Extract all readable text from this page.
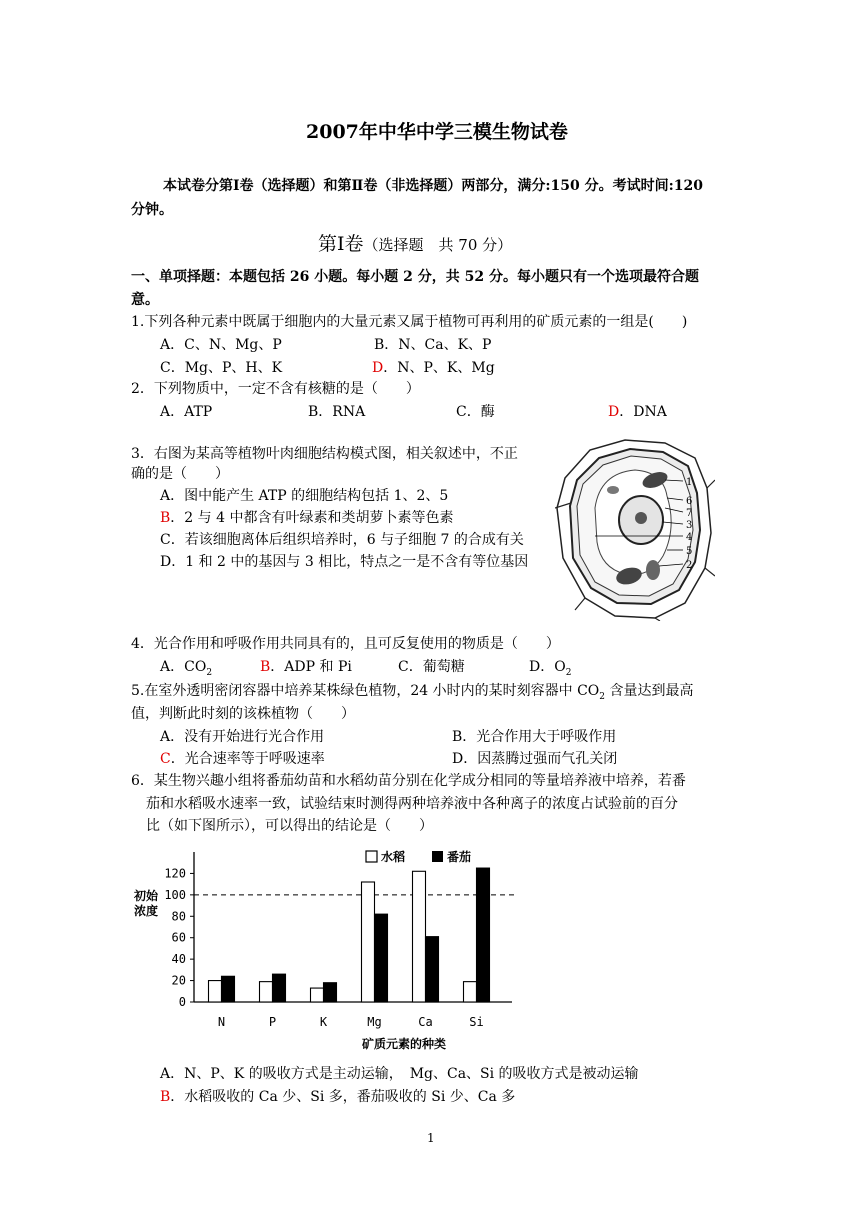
2007年中华中学三模生物试卷
本试卷分第Ⅰ卷（选择题）和第Ⅱ卷（非选择题）两部分，满分:150 分。考试时间:120
分钟。
第Ⅰ卷（选择题　共 70 分）
一、单项择题：本题包括 26 小题。每小题 2 分，共 52 分。每小题只有一个选项最符合题
意。
1.下列各种元素中既属于细胞内的大量元素又属于植物可再利用的矿质元素的一组是(　　)
A．C、N、Mg、P	B．N、Ca、K、P
C．Mg、P、H、K	D．N、P、K、Mg
2．下列物质中，一定不含有核糖的是（　　）
A．ATP	B．RNA	C．酶	D．DNA
3．右图为某高等植物叶肉细胞结构模式图，相关叙述中，不正
确的是（　　）
A．图中能产生 ATP 的细胞结构包括 1、2、5
B．2 与 4 中都含有叶绿素和类胡萝卜素等色素
C．若该细胞离体后组织培养时，6 与子细胞 7 的合成有关
D．1 和 2 中的基因与 3 相比，特点之一是不含有等位基因
1
6
7
3
4
5
2
4．光合作用和呼吸作用共同具有的，且可反复使用的物质是（　　）
A．$CO_2$	B．ADP 和 Pi	C．葡萄糖	D．$O_2$
5.在室外透明密闭容器中培养某株绿色植物，24 小时内的某时刻容器中 $CO_2$ 含量达到最高
值，判断此时刻的该株植物（　　）
A．没有开始进行光合作用	B．光合作用大于呼吸作用
C．光合速率等于呼吸速率	D．因蒸腾过强而气孔关闭
6．某生物兴趣小组将番茄幼苗和水稻幼苗分别在化学成分相同的等量培养液中培养，若番
茄和水稻吸水速率一致，试验结束时测得两种培养液中各种离子的浓度占试验前的百分
比（如下图所示），可以得出的结论是（　　）
0
20
40
60
80
100
120
N	P	K	Mg	Ca	Si
水稻	番茄
初始
浓度
矿质元素的种类
A．N、P、K 的吸收方式是主动运输，　Mg、Ca、Si 的吸收方式是被动运输
B．水稻吸收的 Ca 少、Si 多，番茄吸收的 Si 少、Ca 多
1
